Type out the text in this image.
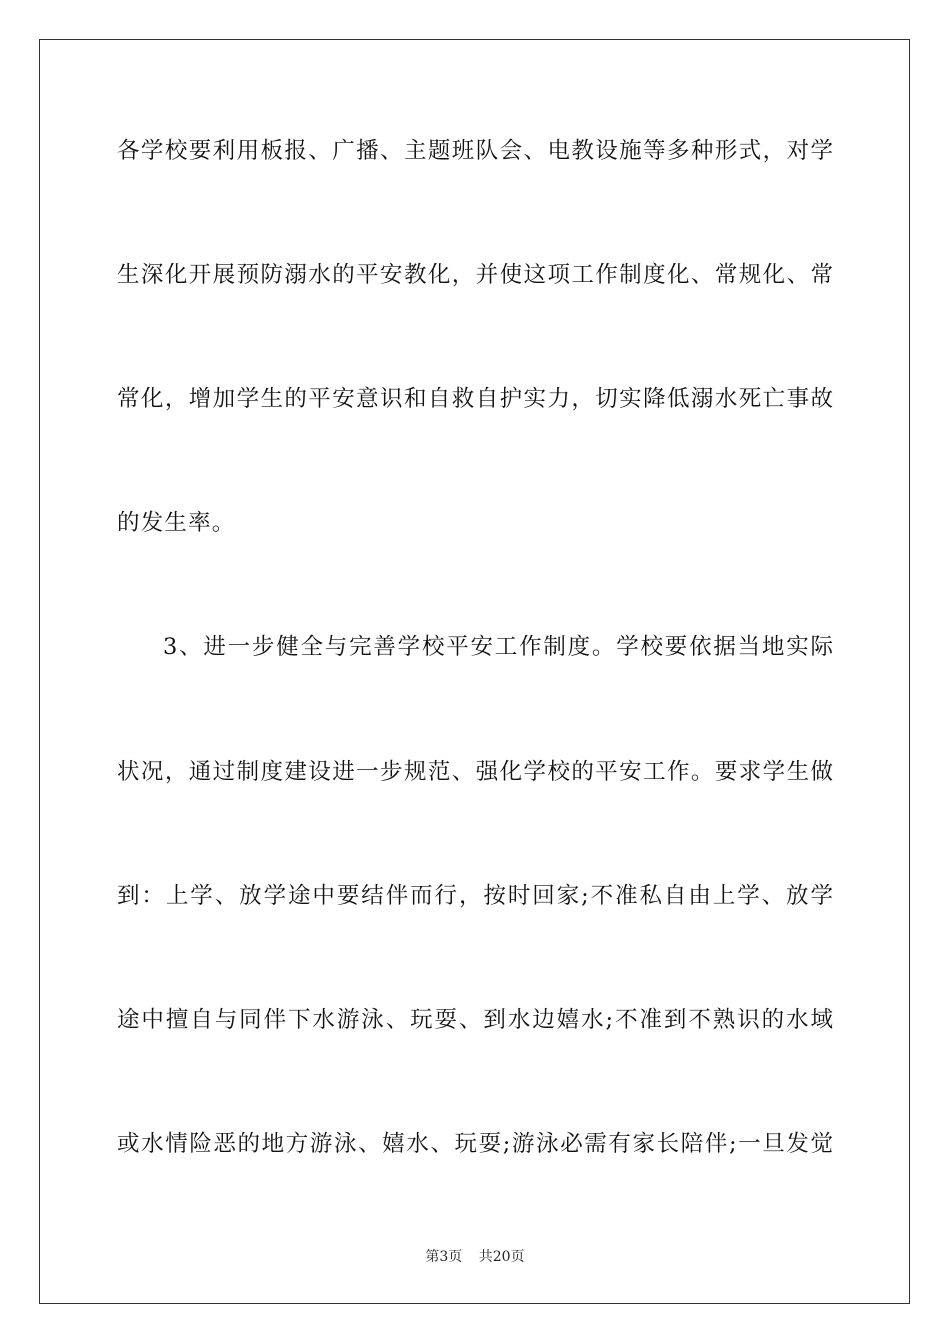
各学校要利用板报、广播、主题班队会、电教设施等多种形式，对学
生深化开展预防溺水的平安教化，并使这项工作制度化、常规化、常
常化，增加学生的平安意识和自救自护实力，切实降低溺水死亡事故
的发生率。
3、进一步健全与完善学校平安工作制度。学校要依据当地实际
状况，通过制度建设进一步规范、强化学校的平安工作。要求学生做
到：上学、放学途中要结伴而行，按时回家;不准私自由上学、放学
途中擅自与同伴下水游泳、玩耍、到水边嬉水;不准到不熟识的水域
或水情险恶的地方游泳、嬉水、玩耍;游泳必需有家长陪伴;一旦发觉
第3页 共20页
